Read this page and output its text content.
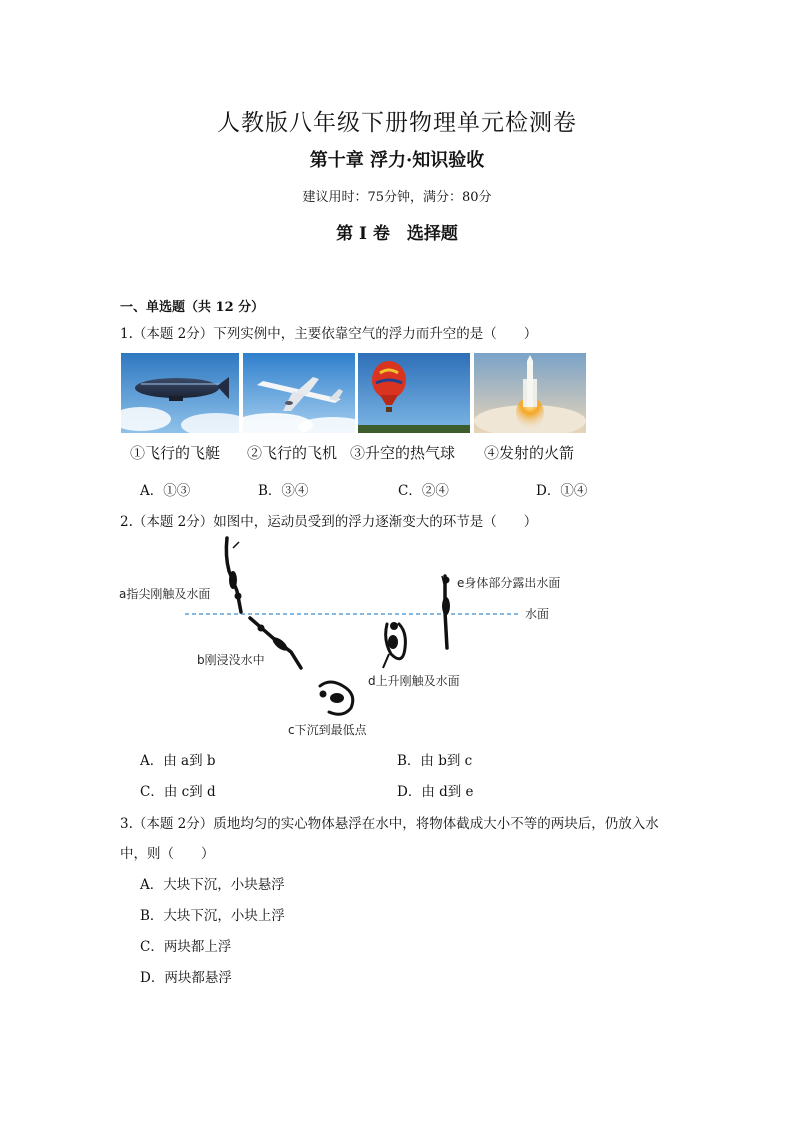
人教版八年级下册物理单元检测卷
第十章 浮力·知识验收
建议用时：75分钟，满分：80分
第 I 卷　选择题
一、单选题（共 12 分）
1.（本题 2分）下列实例中，主要依靠空气的浮力而升空的是（　　）
①飞行的飞艇 ②飞行的飞机 ③升空的热气球 ④发射的火箭
A．①③	B．③④	C．②④	D．①④
2.（本题 2分）如图中，运动员受到的浮力逐渐变大的环节是（　　）
a指尖刚触及水面
b刚浸没水中
c下沉到最低点
d上升刚触及水面
e身体部分露出水面
水面
A．由 a到 b	B．由 b到 c
C．由 c到 d	D．由 d到 e
3.（本题 2分）质地均匀的实心物体悬浮在水中，将物体截成大小不等的两块后，仍放入水
中，则（　　）
A．大块下沉，小块悬浮
B．大块下沉，小块上浮
C．两块都上浮
D．两块都悬浮
